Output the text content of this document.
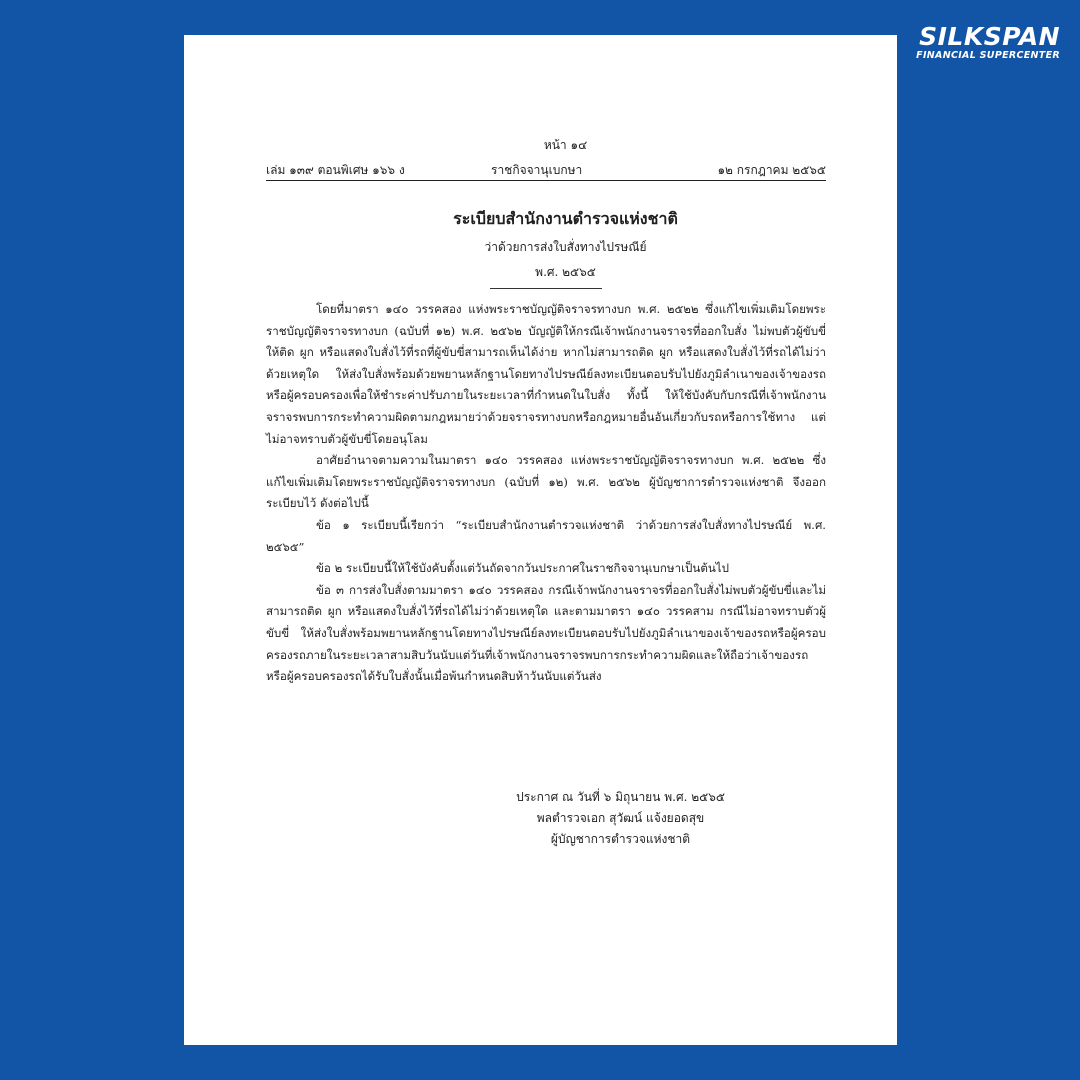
SILKSPAN
FINANCIAL SUPERCENTER
หน้า ๑๔
เล่ม ๑๓๙ ตอนพิเศษ ๑๖๖ ง	ราชกิจจานุเบกษา	๑๒ กรกฎาคม ๒๕๖๕
ระเบียบสำนักงานตำรวจแห่งชาติ
ว่าด้วยการส่งใบสั่งทางไปรษณีย์
พ.ศ. ๒๕๖๕

โดยที่มาตรา ๑๔๐ วรรคสอง แห่งพระราชบัญญัติจราจรทางบก พ.ศ. ๒๕๒๒ ซึ่งแก้ไขเพิ่มเติมโดยพระราชบัญญัติจราจรทางบก (ฉบับที่ ๑๒) พ.ศ. ๒๕๖๒ บัญญัติให้กรณีเจ้าพนักงานจราจรที่ออกใบสั่ง ไม่พบตัวผู้ขับขี่ ให้ติด ผูก หรือแสดงใบสั่งไว้ที่รถที่ผู้ขับขี่สามารถเห็นได้ง่าย หากไม่สามารถติด ผูก หรือแสดงใบสั่งไว้ที่รถได้ไม่ว่าด้วยเหตุใด ให้ส่งใบสั่งพร้อมด้วยพยานหลักฐานโดยทางไปรษณีย์ลงทะเบียนตอบรับไปยังภูมิลำเนาของเจ้าของรถหรือผู้ครอบครองเพื่อให้ชำระค่าปรับภายในระยะเวลาที่กำหนดในใบสั่ง ทั้งนี้ ให้ใช้บังคับกับกรณีที่เจ้าพนักงานจราจรพบการกระทำความผิดตามกฎหมายว่าด้วยจราจรทางบกหรือกฎหมายอื่นอันเกี่ยวกับรถหรือการใช้ทาง แต่ไม่อาจทราบตัวผู้ขับขี่โดยอนุโลม

อาศัยอำนาจตามความในมาตรา ๑๔๐ วรรคสอง แห่งพระราชบัญญัติจราจรทางบก พ.ศ. ๒๕๒๒ ซึ่งแก้ไขเพิ่มเติมโดยพระราชบัญญัติจราจรทางบก (ฉบับที่ ๑๒) พ.ศ. ๒๕๖๒ ผู้บัญชาการตำรวจแห่งชาติ จึงออกระเบียบไว้ ดังต่อไปนี้

ข้อ ๑ ระเบียบนี้เรียกว่า “ระเบียบสำนักงานตำรวจแห่งชาติ ว่าด้วยการส่งใบสั่งทางไปรษณีย์ พ.ศ. ๒๕๖๕”

ข้อ ๒ ระเบียบนี้ให้ใช้บังคับตั้งแต่วันถัดจากวันประกาศในราชกิจจานุเบกษาเป็นต้นไป

ข้อ ๓ การส่งใบสั่งตามมาตรา ๑๔๐ วรรคสอง กรณีเจ้าพนักงานจราจรที่ออกใบสั่งไม่พบตัวผู้ขับขี่และไม่สามารถติด ผูก หรือแสดงใบสั่งไว้ที่รถได้ไม่ว่าด้วยเหตุใด และตามมาตรา ๑๔๐ วรรคสาม กรณีไม่อาจทราบตัวผู้ขับขี่ ให้ส่งใบสั่งพร้อมพยานหลักฐานโดยทางไปรษณีย์ลงทะเบียนตอบรับไปยังภูมิลำเนาของเจ้าของรถหรือผู้ครอบครองรถภายในระยะเวลาสามสิบวันนับแต่วันที่เจ้าพนักงานจราจรพบการกระทำความผิดและให้ถือว่าเจ้าของรถหรือผู้ครอบครองรถได้รับใบสั่งนั้นเมื่อพ้นกำหนดสิบห้าวันนับแต่วันส่ง

ประกาศ ณ วันที่ ๖ มิถุนายน พ.ศ. ๒๕๖๕
พลตำรวจเอก สุวัฒน์ แจ้งยอดสุข
ผู้บัญชาการตำรวจแห่งชาติ
